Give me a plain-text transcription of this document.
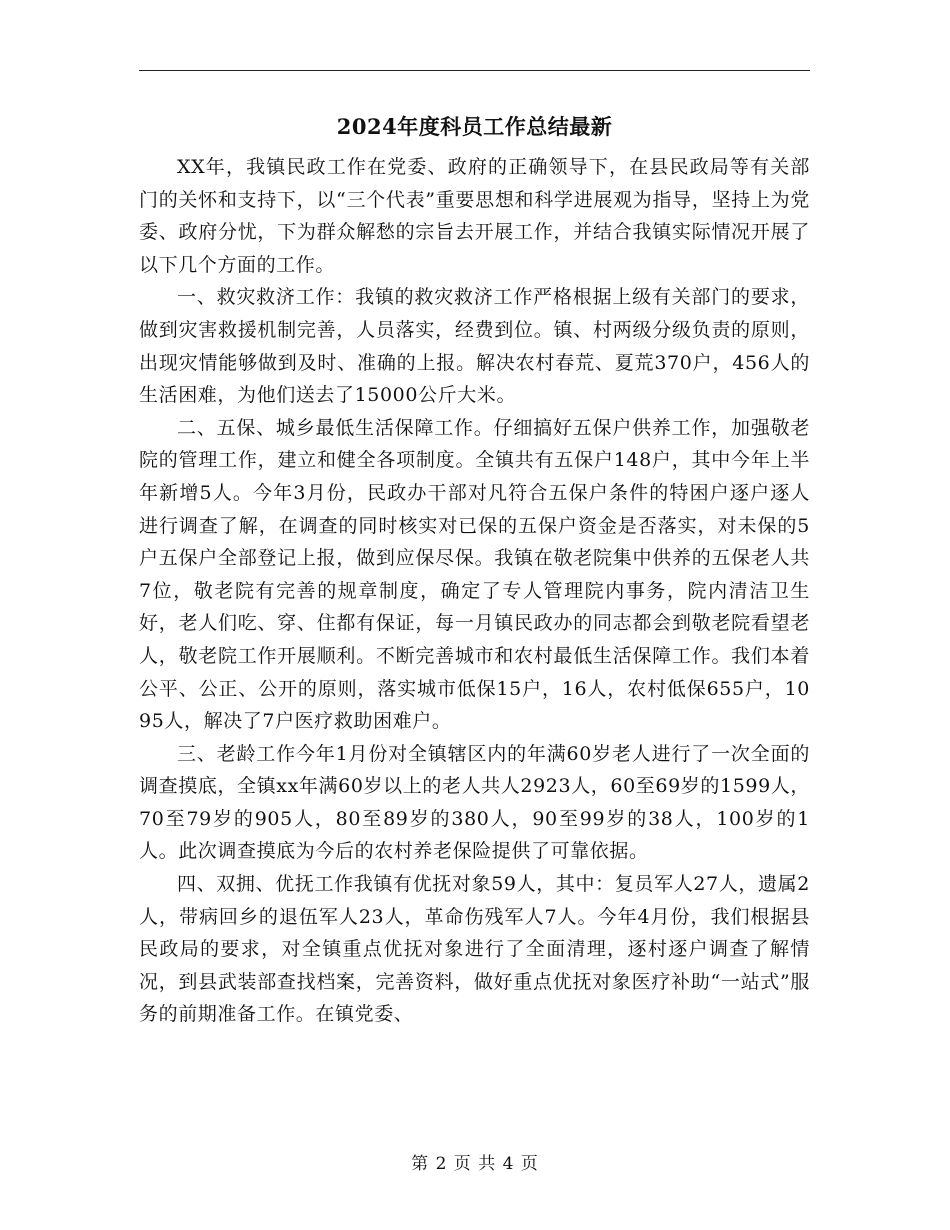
2024年度科员工作总结最新

XX年，我镇民政工作在党委、政府的正确领导下，在县民政局等有关部门的关怀和支持下，以“三个代表”重要思想和科学进展观为指导，坚持上为党委、政府分忧，下为群众解愁的宗旨去开展工作，并结合我镇实际情况开展了以下几个方面的工作。

一、救灾救济工作：我镇的救灾救济工作严格根据上级有关部门的要求，做到灾害救援机制完善，人员落实，经费到位。镇、村两级分级负责的原则，出现灾情能够做到及时、准确的上报。解决农村春荒、夏荒370户，456人的生活困难，为他们送去了15000公斤大米。

二、五保、城乡最低生活保障工作。仔细搞好五保户供养工作，加强敬老院的管理工作，建立和健全各项制度。全镇共有五保户148户，其中今年上半年新增5人。今年3月份，民政办干部对凡符合五保户条件的特困户逐户逐人进行调查了解，在调查的同时核实对已保的五保户资金是否落实，对未保的5户五保户全部登记上报，做到应保尽保。我镇在敬老院集中供养的五保老人共7位，敬老院有完善的规章制度，确定了专人管理院内事务，院内清洁卫生好，老人们吃、穿、住都有保证，每一月镇民政办的同志都会到敬老院看望老人，敬老院工作开展顺利。不断完善城市和农村最低生活保障工作。我们本着公平、公正、公开的原则，落实城市低保15户，16人，农村低保655户，1095人，解决了7户医疗救助困难户。

三、老龄工作今年1月份对全镇辖区内的年满60岁老人进行了一次全面的调查摸底，全镇xx年满60岁以上的老人共人2923人，60至69岁的1599人，70至79岁的905人，80至89岁的380人，90至99岁的38人，100岁的1人。此次调查摸底为今后的农村养老保险提供了可靠依据。

四、双拥、优抚工作我镇有优抚对象59人，其中：复员军人27人，遗属2人，带病回乡的退伍军人23人，革命伤残军人7人。今年4月份，我们根据县民政局的要求，对全镇重点优抚对象进行了全面清理，逐村逐户调查了解情况，到县武装部查找档案，完善资料，做好重点优抚对象医疗补助“一站式”服务的前期准备工作。在镇党委、

第 2 页 共 4 页
